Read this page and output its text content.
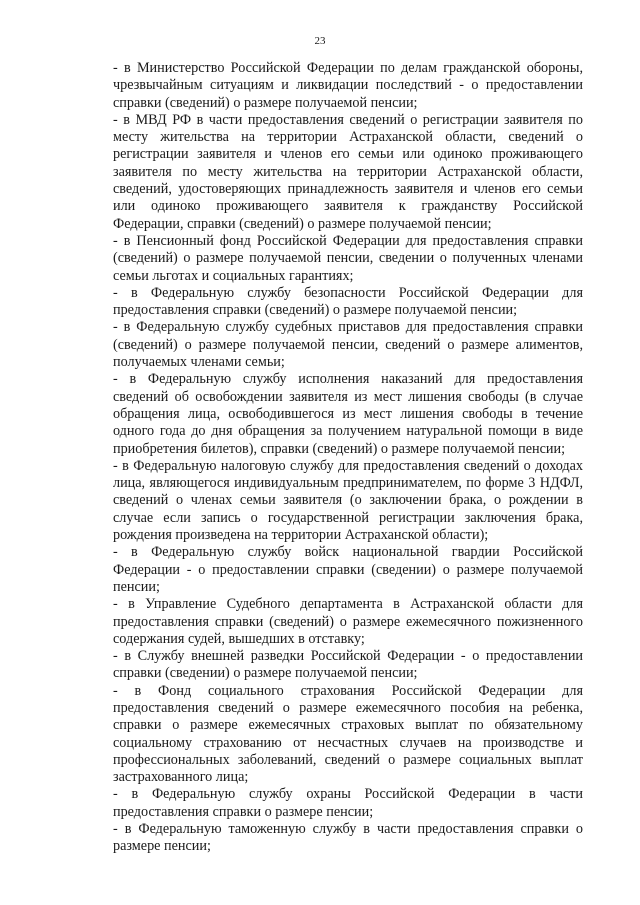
23

- в Министерство Российской Федерации по делам гражданской обороны, чрезвычайным ситуациям и ликвидации последствий - о предоставлении справки (сведений) о размере получаемой пенсии;

- в МВД РФ в части предоставления сведений о регистрации заявителя по месту жительства на территории Астраханской области, сведений о регистрации заявителя и членов его семьи или одиноко проживающего заявителя по месту жительства на территории Астраханской области, сведений, удостоверяющих принадлежность заявителя и членов его семьи или одиноко проживающего заявителя к гражданству Российской Федерации, справки (сведений) о размере получаемой пенсии;

- в Пенсионный фонд Российской Федерации для предоставления справки (сведений) о размере получаемой пенсии, сведении о полученных членами семьи льготах и социальных гарантиях;

- в Федеральную службу безопасности Российской Федерации для предоставления справки (сведений) о размере получаемой пенсии;

- в Федеральную службу судебных приставов для предоставления справки (сведений) о размере получаемой пенсии, сведений о размере алиментов, получаемых членами семьи;

- в Федеральную службу исполнения наказаний для предоставления сведений об освобождении заявителя из мест лишения свободы (в случае обращения лица, освободившегося из мест лишения свободы в течение одного года до дня обращения за получением натуральной помощи в виде приобретения билетов), справки (сведений) о размере получаемой пенсии;

- в Федеральную налоговую службу для предоставления сведений о доходах лица, являющегося индивидуальным предпринимателем, по форме 3 НДФЛ, сведений о членах семьи заявителя (о заключении брака, о рождении в случае если запись о государственной регистрации заключения брака, рождения произведена на территории Астраханской области);

- в Федеральную службу войск национальной гвардии Российской Федерации - о предоставлении справки (сведении) о размере получаемой пенсии;

- в Управление Судебного департамента в Астраханской области для предоставления справки (сведений) о размере ежемесячного пожизненного содержания судей, вышедших в отставку;

- в Службу внешней разведки Российской Федерации - о предоставлении справки (сведении) о размере получаемой пенсии;

- в Фонд социального страхования Российской Федерации для предоставления сведений о размере ежемесячного пособия на ребенка, справки о размере ежемесячных страховых выплат по обязательному социальному страхованию от несчастных случаев на производстве и профессиональных заболеваний, сведений о размере социальных выплат застрахованного лица;

- в Федеральную службу охраны Российской Федерации в части предоставления справки о размере пенсии;

- в Федеральную таможенную службу в части предоставления справки о размере пенсии;
